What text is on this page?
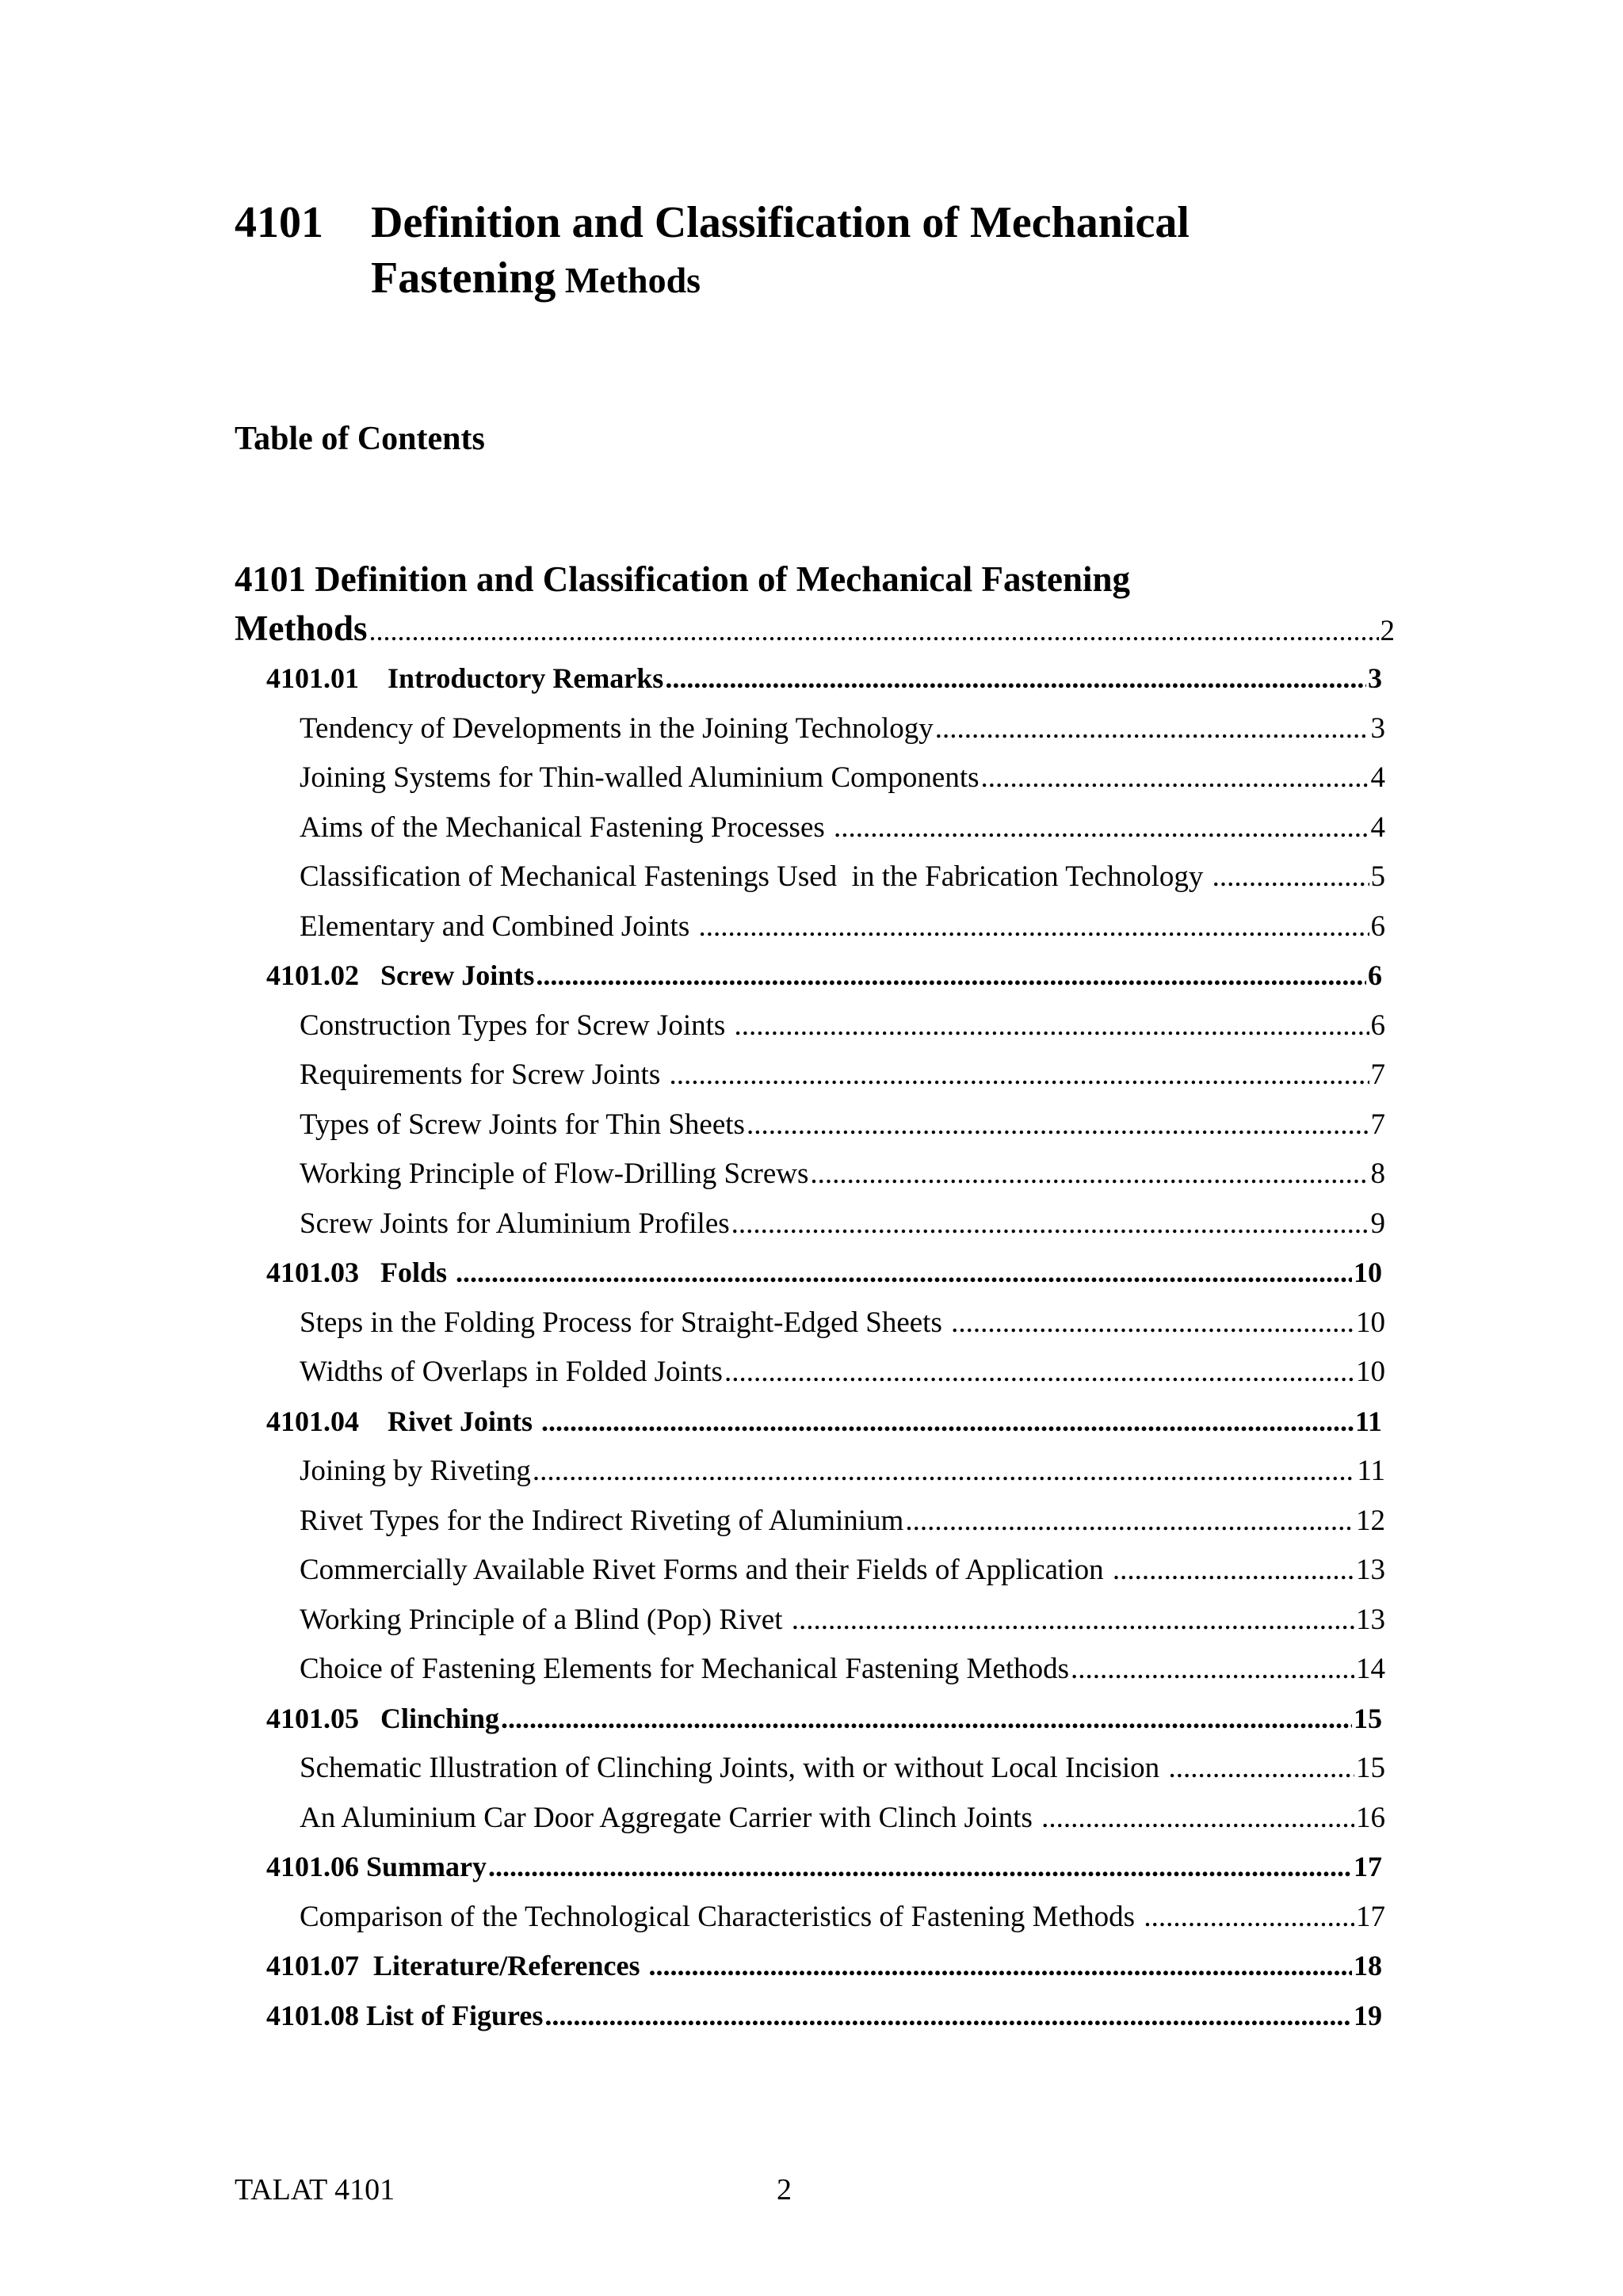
4101 Definition and Classification of Mechanical
Fastening Methods
Table of Contents
4101 Definition and Classification of Mechanical Fastening
Methods .....	2
4101.01    Introductory Remarks .....	3
Tendency of Developments in the Joining Technology .....	3
Joining Systems for Thin-walled Aluminium Components .....	4
Aims of the Mechanical Fastening Processes .....	4
Classification of Mechanical Fastenings Used  in the Fabrication Technology .....	5
Elementary and Combined Joints .....	6
4101.02   Screw Joints .....	6
Construction Types for Screw Joints .....	6
Requirements for Screw Joints .....	7
Types of Screw Joints for Thin Sheets .....	7
Working Principle of Flow-Drilling Screws .....	8
Screw Joints for Aluminium Profiles .....	9
4101.03   Folds .....	10
Steps in the Folding Process for Straight-Edged Sheets .....	10
Widths of Overlaps in Folded Joints .....	10
4101.04    Rivet Joints .....	11
Joining by Riveting .....	11
Rivet Types for the Indirect Riveting of Aluminium .....	12
Commercially Available Rivet Forms and their Fields of Application .....	13
Working Principle of a Blind (Pop) Rivet .....	13
Choice of Fastening Elements for Mechanical Fastening Methods .....	14
4101.05   Clinching .....	15
Schematic Illustration of Clinching Joints, with or without Local Incision .....	15
An Aluminium Car Door Aggregate Carrier with Clinch Joints .....	16
4101.06 Summary .....	17
Comparison of the Technological Characteristics of Fastening Methods .....	17
4101.07  Literature/References .....	18
4101.08 List of Figures .....	19
TALAT 4101	2
